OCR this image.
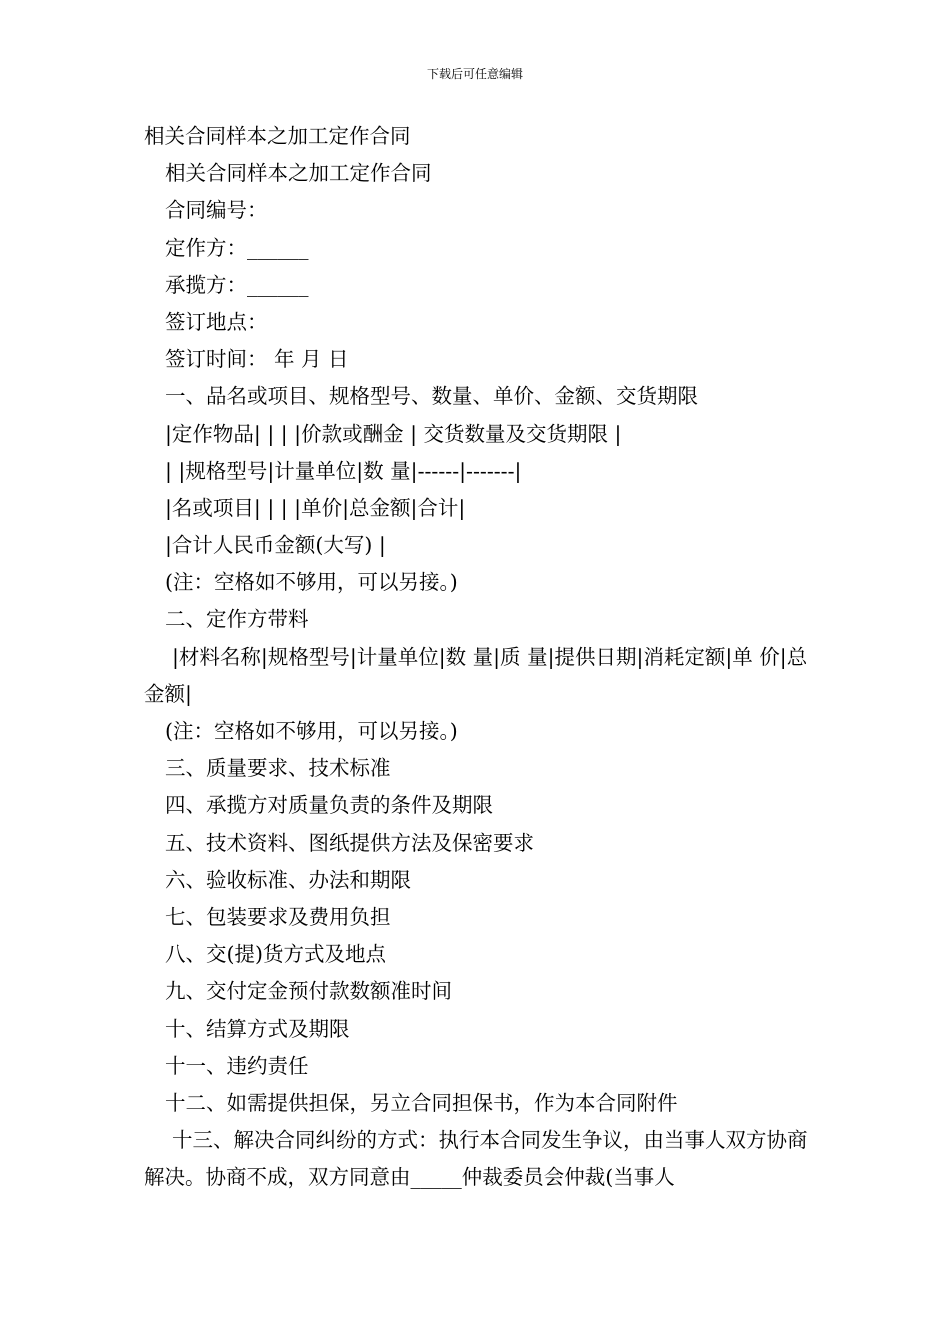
下载后可任意编辑
相关合同样本之加工定作合同
相关合同样本之加工定作合同
合同编号：
定作方：______
承揽方：______
签订地点：
签订时间： 年 月 日
一、品名或项目、规格型号、数量、单价、金额、交货期限
|定作物品| | | |价款或酬金 | 交货数量及交货期限 |
| |规格型号|计量单位|数 量|------|-------|
|名或项目| | | |单价|总金额|合计|
|合计人民币金额(大写) |
(注：空格如不够用，可以另接。)
二、定作方带料
|材料名称|规格型号|计量单位|数 量|质 量|提供日期|消耗定额|单 价|总金额|
(注：空格如不够用，可以另接。)
三、质量要求、技术标准
四、承揽方对质量负责的条件及期限
五、技术资料、图纸提供方法及保密要求
六、验收标准、办法和期限
七、包装要求及费用负担
八、交(提)货方式及地点
九、交付定金预付款数额准时间
十、结算方式及期限
十一、违约责任
十二、如需提供担保，另立合同担保书，作为本合同附件
十三、解决合同纠纷的方式：执行本合同发生争议，由当事人双方协商解决。协商不成，双方同意由_____仲裁委员会仲裁(当事人
